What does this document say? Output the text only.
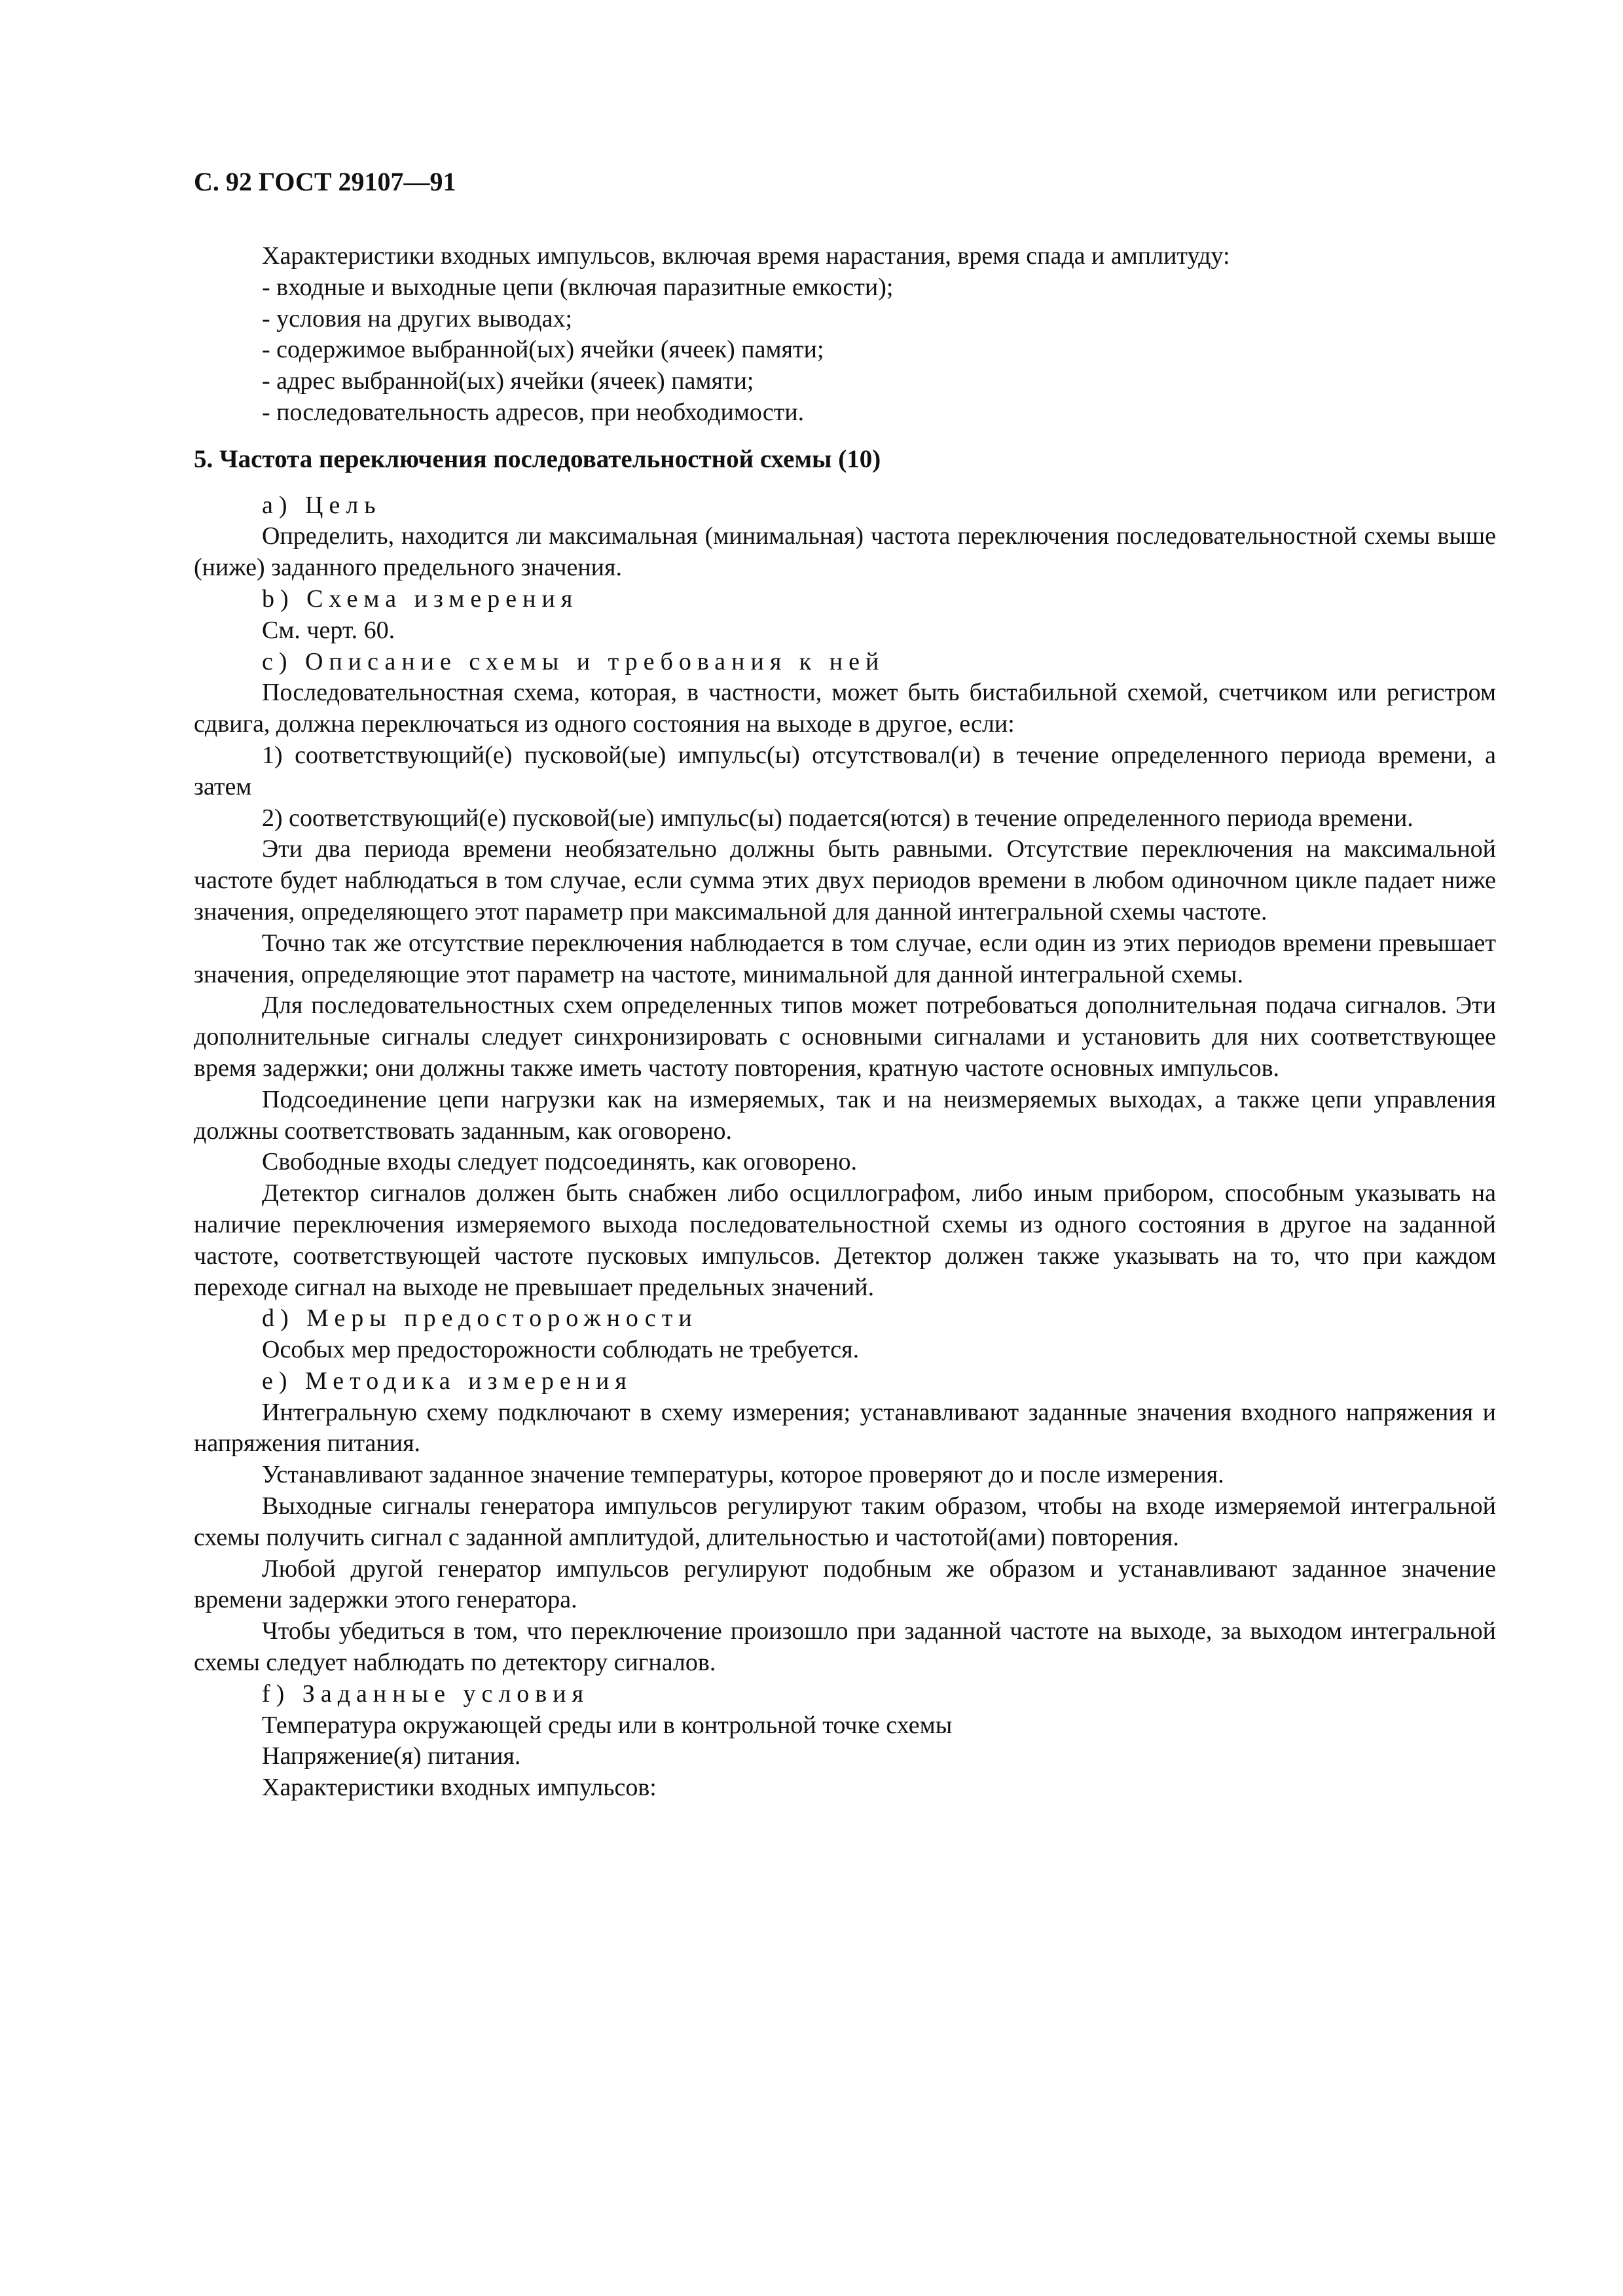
С. 92 ГОСТ 29107—91

Характеристики входных импульсов, включая время нарастания, время спада и амплитуду:

- входные и выходные цепи (включая паразитные емкости);

- условия на других выводах;

- содержимое выбранной(ых) ячейки (ячеек) памяти;

- адрес выбранной(ых) ячейки (ячеек) памяти;

- последовательность адресов, при необходимости.

5. Частота переключения последовательностной схемы (10)

а) Цель

Определить, находится ли максимальная (минимальная) частота переключения последовательностной схемы выше (ниже) заданного предельного значения.

b) Схема измерения

См. черт. 60.

с) Описание схемы и требования к ней

Последовательностная схема, которая, в частности, может быть бистабильной схемой, счетчиком или регистром сдвига, должна переключаться из одного состояния на выходе в другое, если:

1) соответствующий(е) пусковой(ые) импульс(ы) отсутствовал(и) в течение определенного периода времени, а затем

2) соответствующий(е) пусковой(ые) импульс(ы) подается(ются) в течение определенного периода времени.

Эти два периода времени необязательно должны быть равными. Отсутствие переключения на максимальной частоте будет наблюдаться в том случае, если сумма этих двух периодов времени в любом одиночном цикле падает ниже значения, определяющего этот параметр при максимальной для данной интегральной схемы частоте.

Точно так же отсутствие переключения наблюдается в том случае, если один из этих периодов времени превышает значения, определяющие этот параметр на частоте, минимальной для данной интегральной схемы.

Для последовательностных схем определенных типов может потребоваться дополнительная подача сигналов. Эти дополнительные сигналы следует синхронизировать с основными сигналами и установить для них соответствующее время задержки; они должны также иметь частоту повторения, кратную частоте основных импульсов.

Подсоединение цепи нагрузки как на измеряемых, так и на неизмеряемых выходах, а также цепи управления должны соответствовать заданным, как оговорено.

Свободные входы следует подсоединять, как оговорено.

Детектор сигналов должен быть снабжен либо осциллографом, либо иным прибором, способным указывать на наличие переключения измеряемого выхода последовательностной схемы из одного состояния в другое на заданной частоте, соответствующей частоте пусковых импульсов. Детектор должен также указывать на то, что при каждом переходе сигнал на выходе не превышает предельных значений.

d) Меры предосторожности

Особых мер предосторожности соблюдать не требуется.

е) Методика измерения

Интегральную схему подключают в схему измерения; устанавливают заданные значения входного напряжения и напряжения питания.

Устанавливают заданное значение температуры, которое проверяют до и после измерения.

Выходные сигналы генератора импульсов регулируют таким образом, чтобы на входе измеряемой интегральной схемы получить сигнал с заданной амплитудой, длительностью и частотой(ами) повторения.

Любой другой генератор импульсов регулируют подобным же образом и устанавливают заданное значение времени задержки этого генератора.

Чтобы убедиться в том, что переключение произошло при заданной частоте на выходе, за выходом интегральной схемы следует наблюдать по детектору сигналов.

f) Заданные условия

Температура окружающей среды или в контрольной точке схемы

Напряжение(я) питания.

Характеристики входных импульсов:
